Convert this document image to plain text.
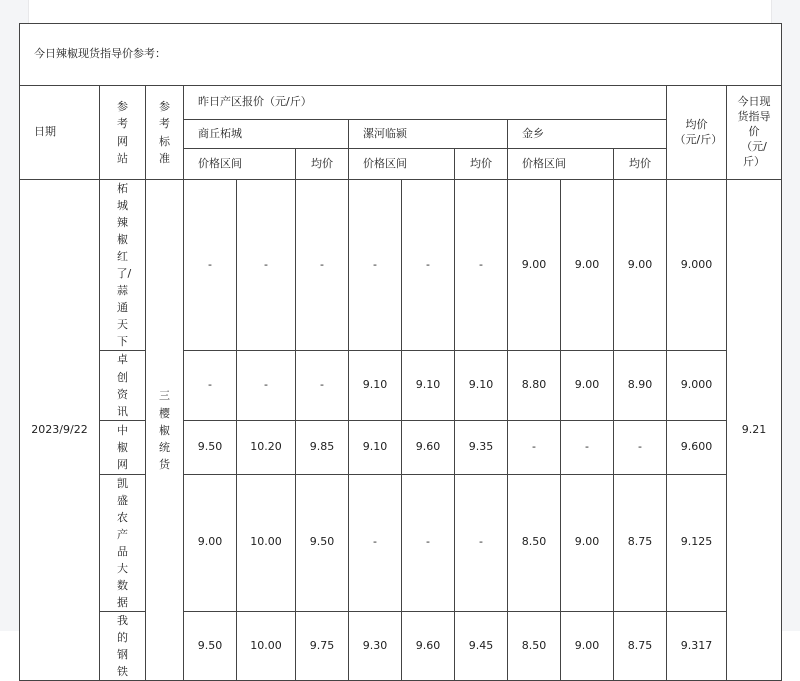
今日辣椒现货指导价参考：													
日期	参考网站	参考标准	昨日产区报价（元/斤）									均价（元/斤）	今日现货指导价（元/斤）
			商丘柘城			漯河临颍			金乡				
			价格区间		均价	价格区间		均价	价格区间		均价		
2023/9/22	柘城辣椒红了/蒜通天下	三樱椒统货	-	-	-	-	-	-	9.00	9.00	9.00	9.000	9.21
	卓创资讯		-	-	-	9.10	9.10	9.10	8.80	9.00	8.90	9.000	
	中椒网		9.50	10.20	9.85	9.10	9.60	9.35	-	-	-	9.600	
	凯盛农产品大数据		9.00	10.00	9.50	-	-	-	8.50	9.00	8.75	9.125	
	我的钢铁		9.50	10.00	9.75	9.30	9.60	9.45	8.50	9.00	8.75	9.317	
